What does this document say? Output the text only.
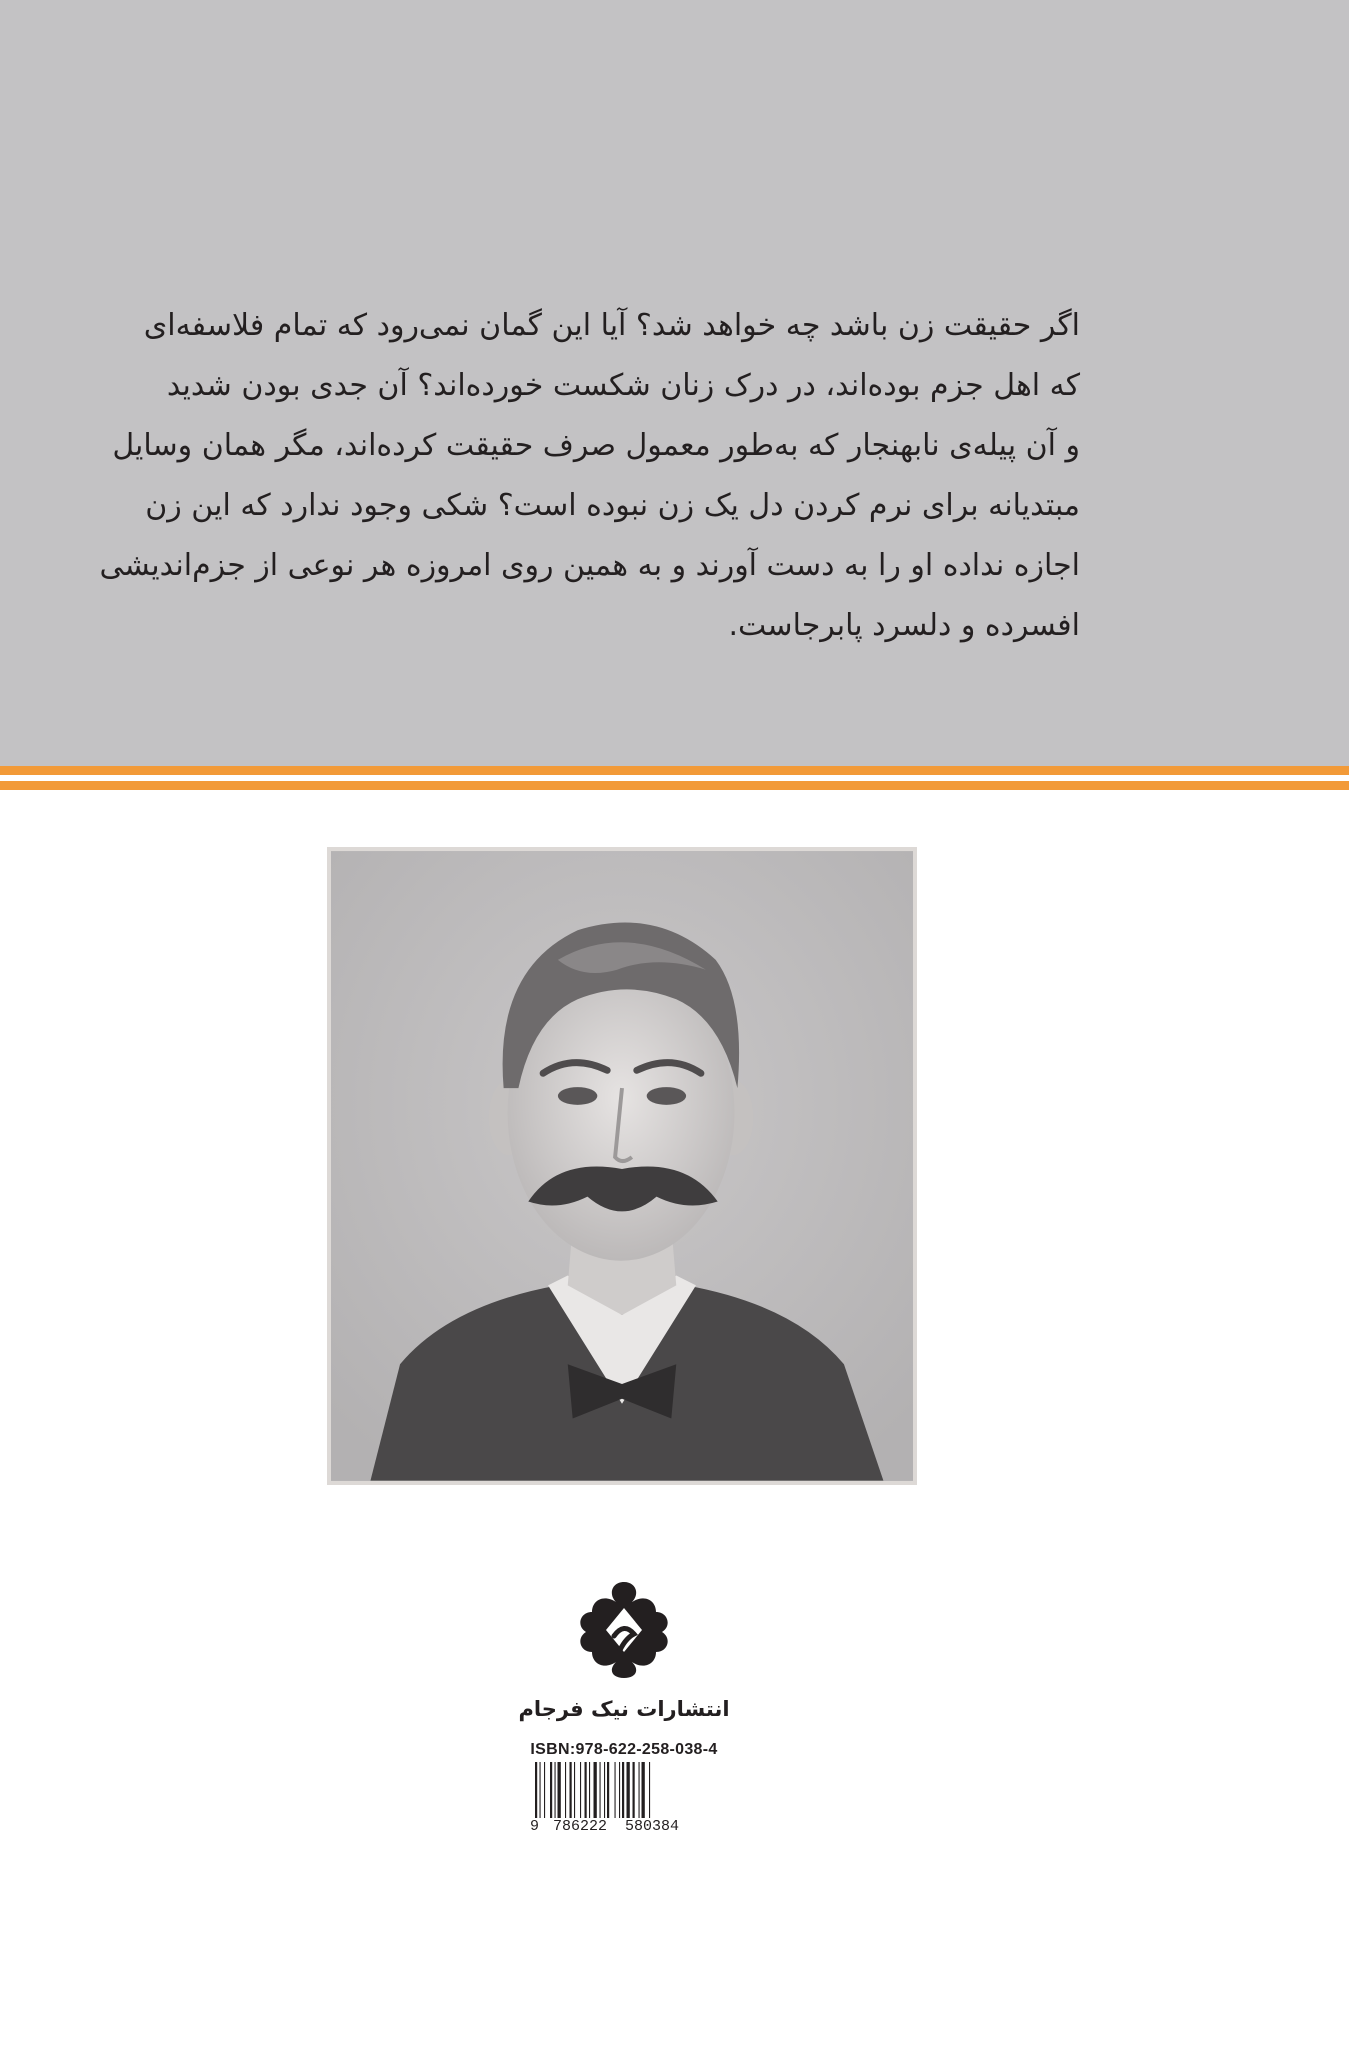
اگر حقیقت زن باشد چه خواهد شد؟ آیا این گمان نمی‌رود که تمام فلاسفه‌ای
که اهل جزم بوده‌اند، در درک زنان شکست خورده‌اند؟ آن جدی بودن شدید
و آن پیله‌ی نابهنجار که به‌طور معمول صرف حقیقت کرده‌اند، مگر همان وسایل
مبتدیانه برای نرم کردن دل یک زن نبوده است؟ شکی وجود ندارد که این زن
اجازه نداده او را به دست آورند و به همین روی امروزه هر نوعی از جزم‌اندیشی
افسرده و دلسرد پابرجاست.
انتشارات نیک فرجام
ISBN:978-622-258-038-4
9 786222 580384
